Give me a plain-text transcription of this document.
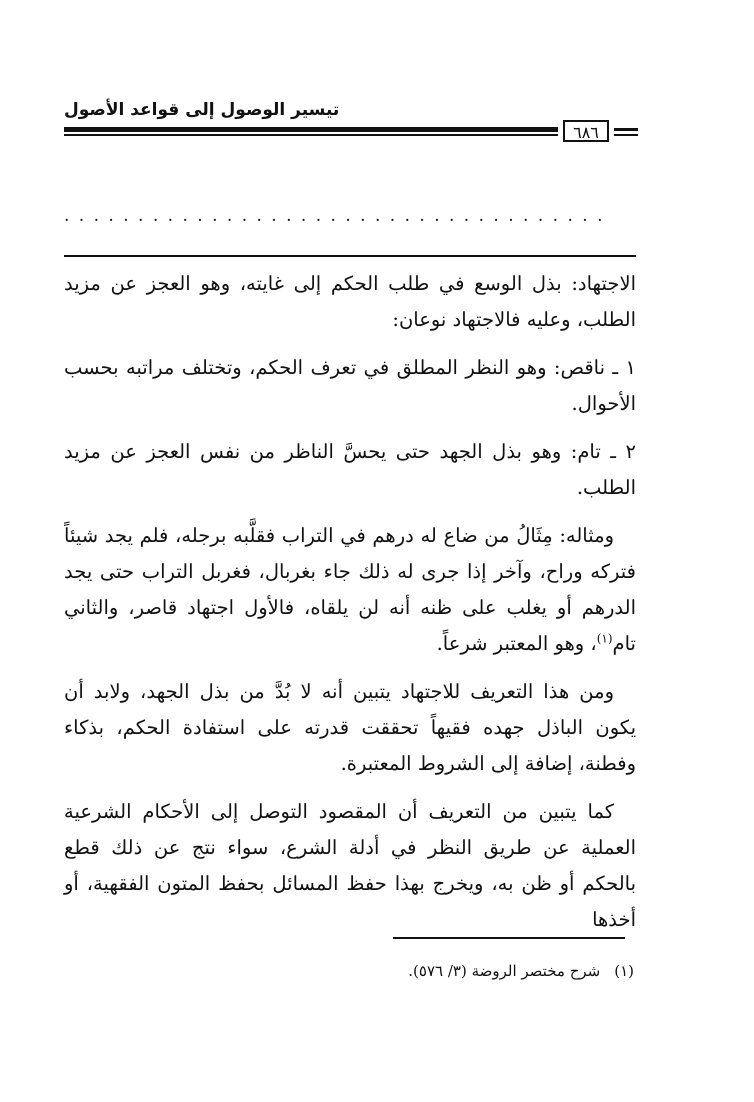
تيسير الوصول إلى قواعد الأصول
٦٨٦
. . . . . . . . . . . . . . . . . . . . . . . . . . . . . . . . . . . . .

الاجتهاد: بذل الوسع في طلب الحكم إلى غايته، وهو العجز عن مزيد الطلب، وعليه فالاجتهاد نوعان:

١ ـ ناقص: وهو النظر المطلق في تعرف الحكم، وتختلف مراتبه بحسب الأحوال.

٢ ـ تام: وهو بذل الجهد حتى يحسَّ الناظر من نفس العجز عن مزيد الطلب.

ومثاله: مِثَالُ من ضاع له درهم في التراب فقلَّبه برجله، فلم يجد شيئاً فتركه وراح، وآخر إذا جرى له ذلك جاء بغربال، فغربل التراب حتى يجد الدرهم أو يغلب على ظنه أنه لن يلقاه، فالأول اجتهاد قاصر، والثاني تام$^{(١)}$، وهو المعتبر شرعاً.

ومن هذا التعريف للاجتهاد يتبين أنه لا بُدَّ من بذل الجهد، ولابد أن يكون الباذل جهده فقيهاً تحققت قدرته على استفادة الحكم، بذكاء وفطنة، إضافة إلى الشروط المعتبرة.

كما يتبين من التعريف أن المقصود التوصل إلى الأحكام الشرعية العملية عن طريق النظر في أدلة الشرع، سواء نتج عن ذلك قطع بالحكم أو ظن به، ويخرج بهذا حفظ المسائل بحفظ المتون الفقهية، أو أخذها

(١)شرح مختصر الروضة (٣/ ٥٧٦).
